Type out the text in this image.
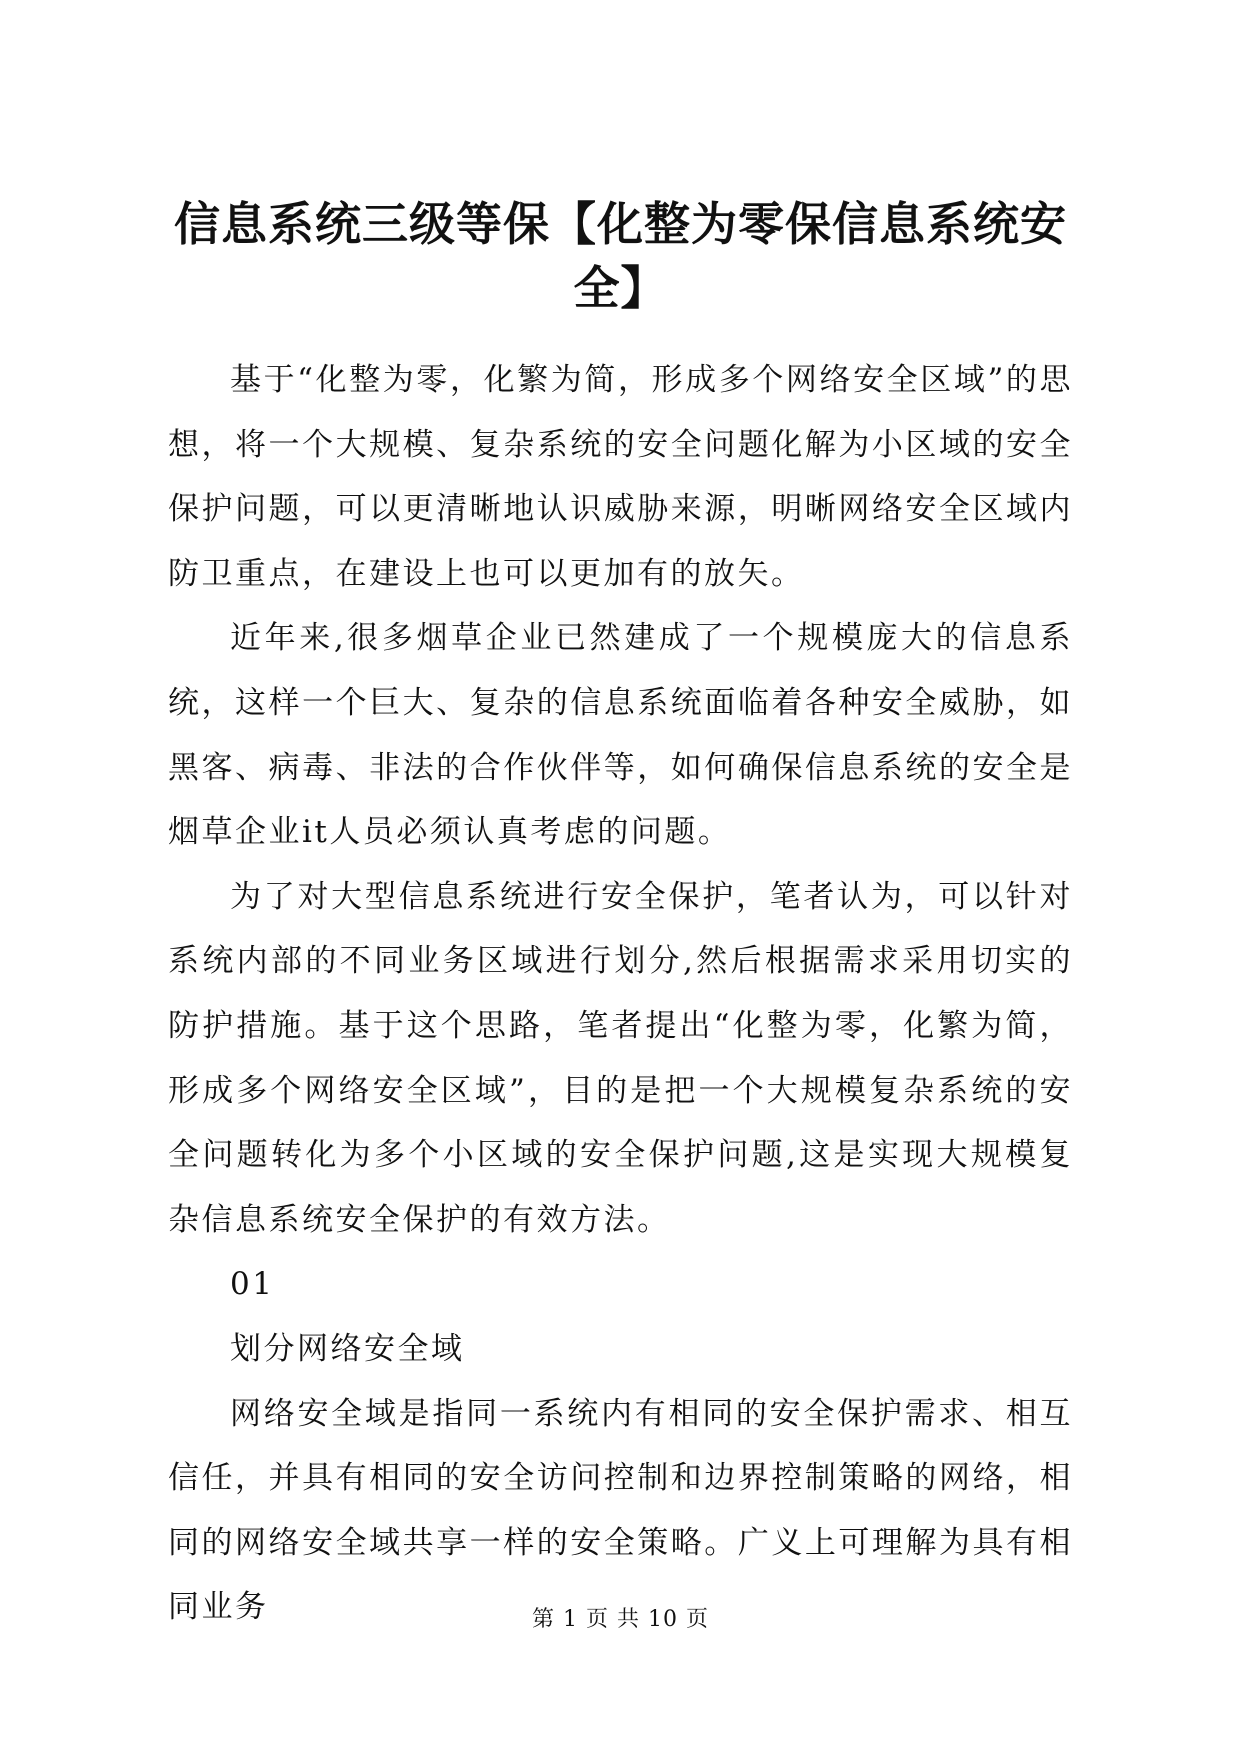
信息系统三级等保【化整为零保信息系统安全】

基于“化整为零，化繁为简，形成多个网络安全区域”的思想，将一个大规模、复杂系统的安全问题化解为小区域的安全保护问题，可以更清晰地认识威胁来源，明晰网络安全区域内防卫重点，在建设上也可以更加有的放矢。

近年来,很多烟草企业已然建成了一个规模庞大的信息系统，这样一个巨大、复杂的信息系统面临着各种安全威胁，如黑客、病毒、非法的合作伙伴等，如何确保信息系统的安全是烟草企业it人员必须认真考虑的问题。

为了对大型信息系统进行安全保护，笔者认为，可以针对系统内部的不同业务区域进行划分,然后根据需求采用切实的防护措施。基于这个思路，笔者提出“化整为零，化繁为简，形成多个网络安全区域”，目的是把一个大规模复杂系统的安全问题转化为多个小区域的安全保护问题,这是实现大规模复杂信息系统安全保护的有效方法。

01

划分网络安全域

网络安全域是指同一系统内有相同的安全保护需求、相互信任，并具有相同的安全访问控制和边界控制策略的网络，相同的网络安全域共享一样的安全策略。广义上可理解为具有相同业务	第 1 页 共 10 页
